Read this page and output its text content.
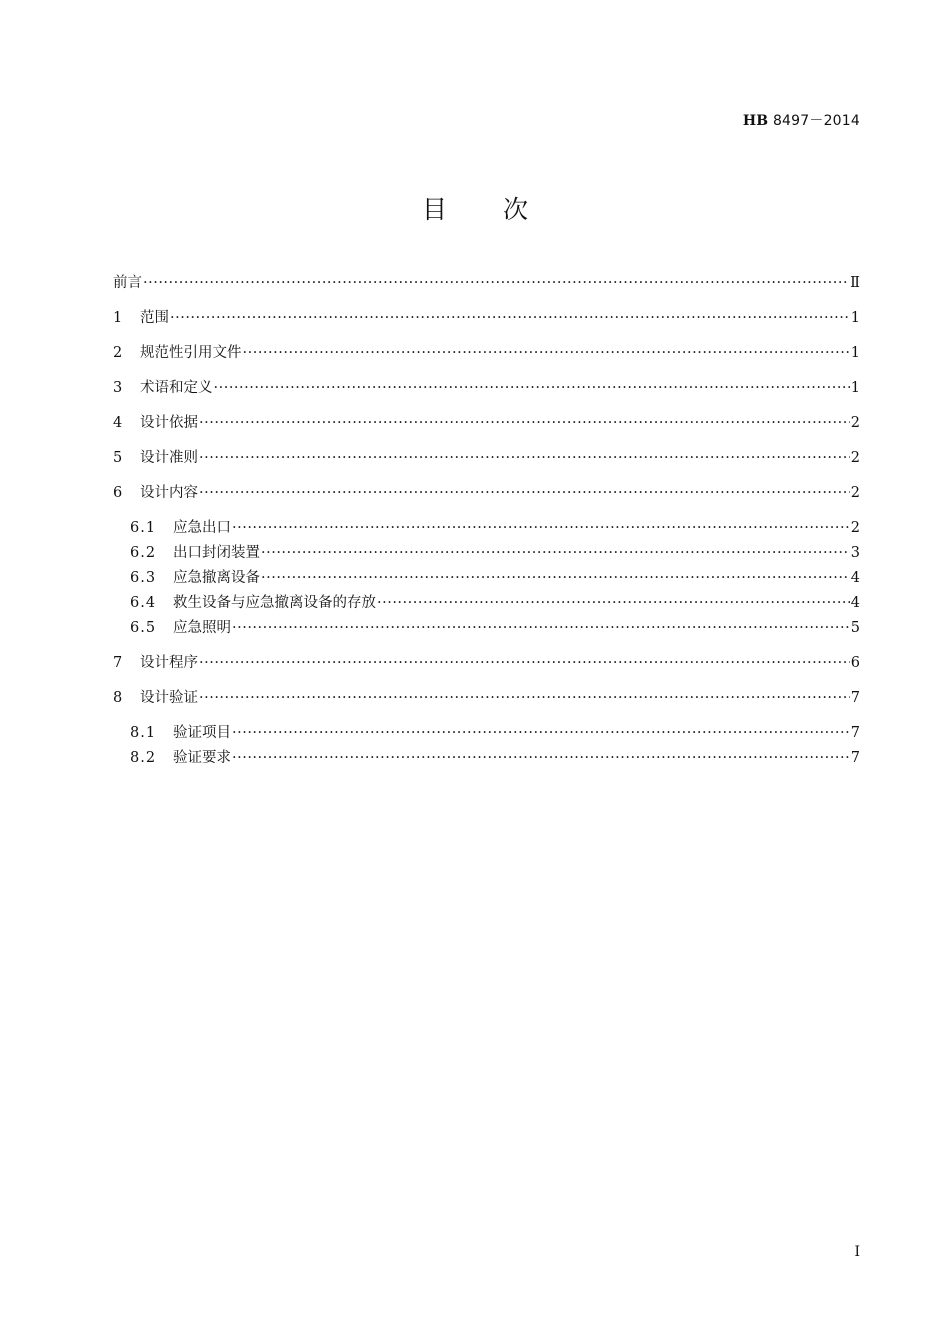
HB 8497－2014
目次
前言 ·····	Ⅱ
1	范围 ·····	1
2	规范性引用文件 ·····	1
3	术语和定义 ·····	1
4	设计依据 ·····	2
5	设计准则 ·····	2
6	设计内容 ·····	2
6.1	应急出口 ·····	2
6.2	出口封闭装置 ·····	3
6.3	应急撤离设备 ·····	4
6.4	救生设备与应急撤离设备的存放 ·····	4
6.5	应急照明 ·····	5
7	设计程序 ·····	6
8	设计验证 ·····	7
8.1	验证项目 ·····	7
8.2	验证要求 ·····	7
Ⅰ
